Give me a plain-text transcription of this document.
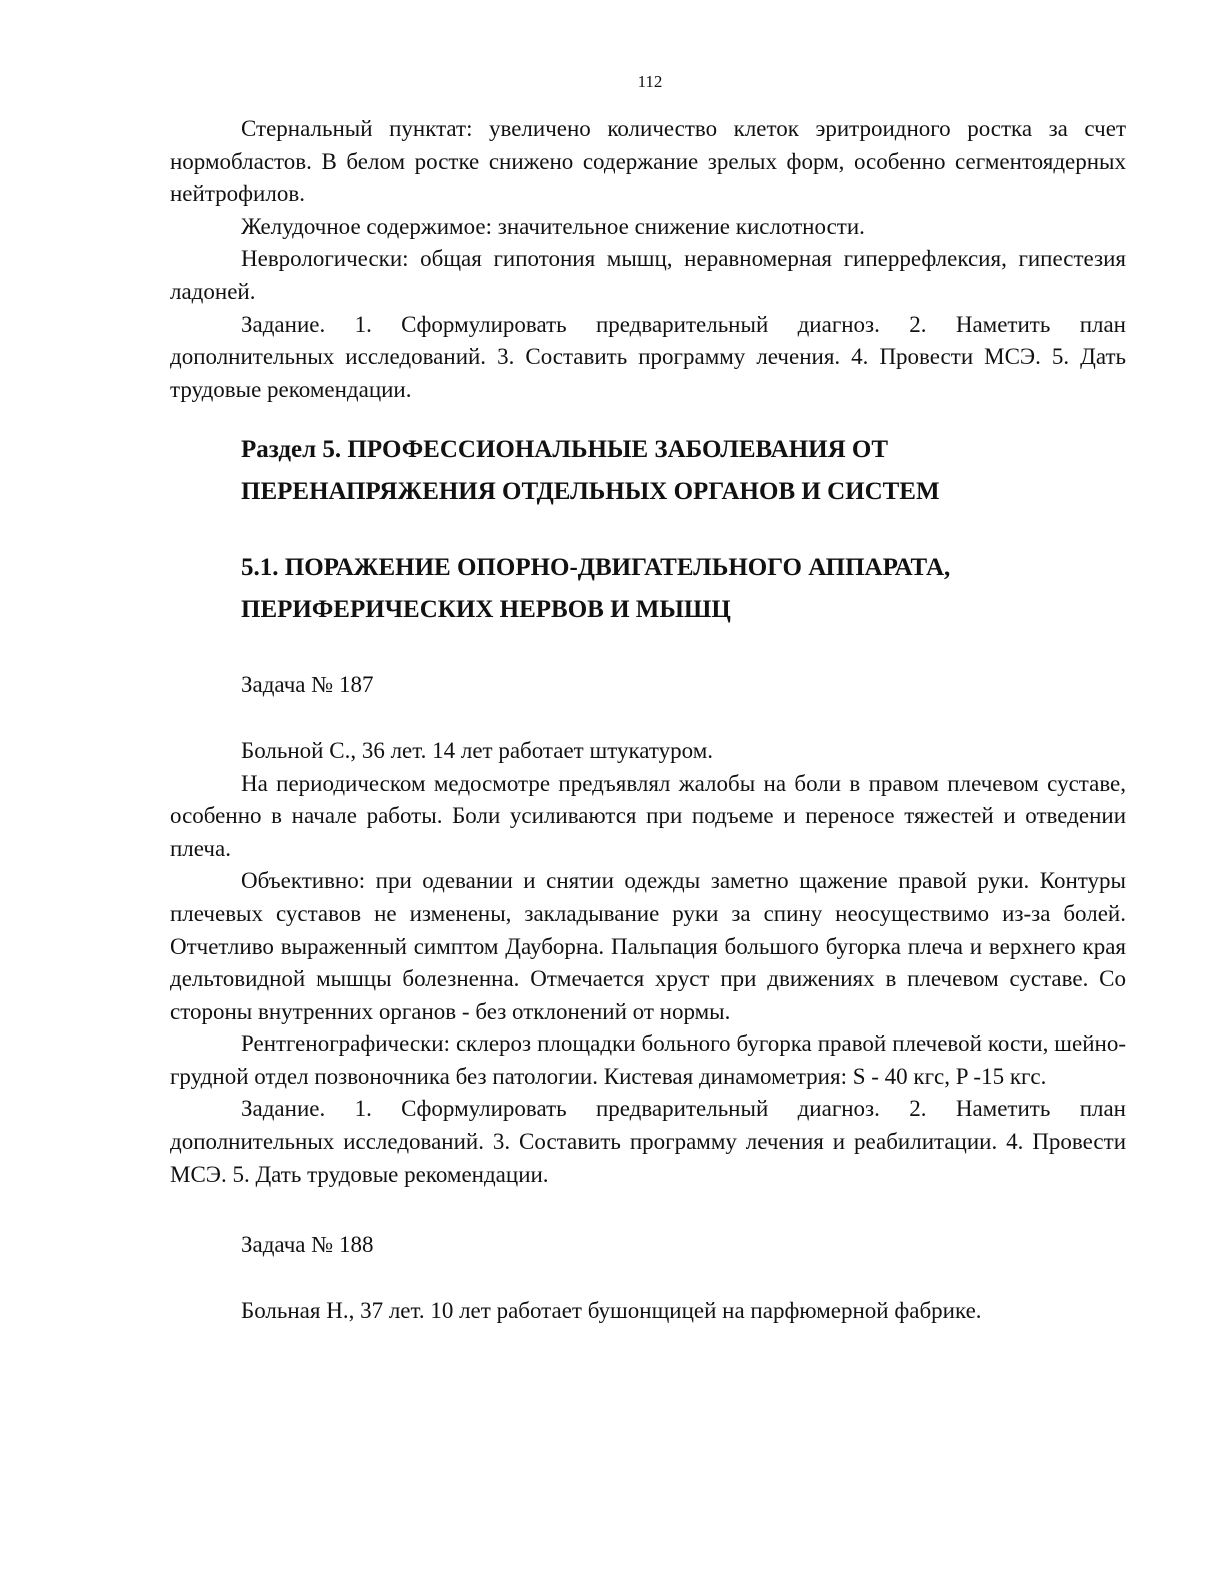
112

Стернальный пунктат: увеличено количество клеток эритроидного ростка за счет нормобластов. В белом ростке снижено содержание зрелых форм, особенно сегментоядерных нейтрофилов.

Желудочное содержимое: значительное снижение кислотности.

Неврологически: общая гипотония мышц, неравномерная гиперрефлексия, гипестезия ладоней.

Задание. 1. Сформулировать предварительный диагноз. 2. Наметить план дополнительных исследований. 3. Составить программу лечения. 4. Провести МСЭ. 5. Дать трудовые рекомендации.

Раздел 5. ПРОФЕССИОНАЛЬНЫЕ ЗАБОЛЕВАНИЯ ОТ
ПЕРЕНАПРЯЖЕНИЯ ОТДЕЛЬНЫХ ОРГАНОВ И СИСТЕМ
5.1. ПОРАЖЕНИЕ ОПОРНО-ДВИГАТЕЛЬНОГО АППАРАТА,
ПЕРИФЕРИЧЕСКИХ НЕРВОВ И МЫШЦ

Задача № 187

Больной С., 36 лет. 14 лет работает штукатуром.

На периодическом медосмотре предъявлял жалобы на боли в правом плечевом суставе, особенно в начале работы. Боли усиливаются при подъеме и переносе тяжестей и отведении плеча.

Объективно: при одевании и снятии одежды заметно щажение правой руки. Контуры плечевых суставов не изменены, закладывание руки за спину неосуществимо из-за болей. Отчетливо выраженный симптом Дауборна. Пальпация большого бугорка плеча и верхнего края дельтовидной мышцы болезненна. Отмечается хруст при движениях в плечевом суставе. Со стороны внутренних органов - без отклонений от нормы.

Рентгенографически: склероз площадки больного бугорка правой плечевой кости, шейно-грудной отдел позвоночника без патологии. Кистевая динамометрия: S - 40 кгс, P -15 кгс.

Задание. 1. Сформулировать предварительный диагноз. 2. Наметить план дополнительных исследований. 3. Составить программу лечения и реабилитации. 4. Провести МСЭ. 5. Дать трудовые рекомендации.

Задача № 188

Больная Н., 37 лет. 10 лет работает бушонщицей на парфюмерной фабрике.
